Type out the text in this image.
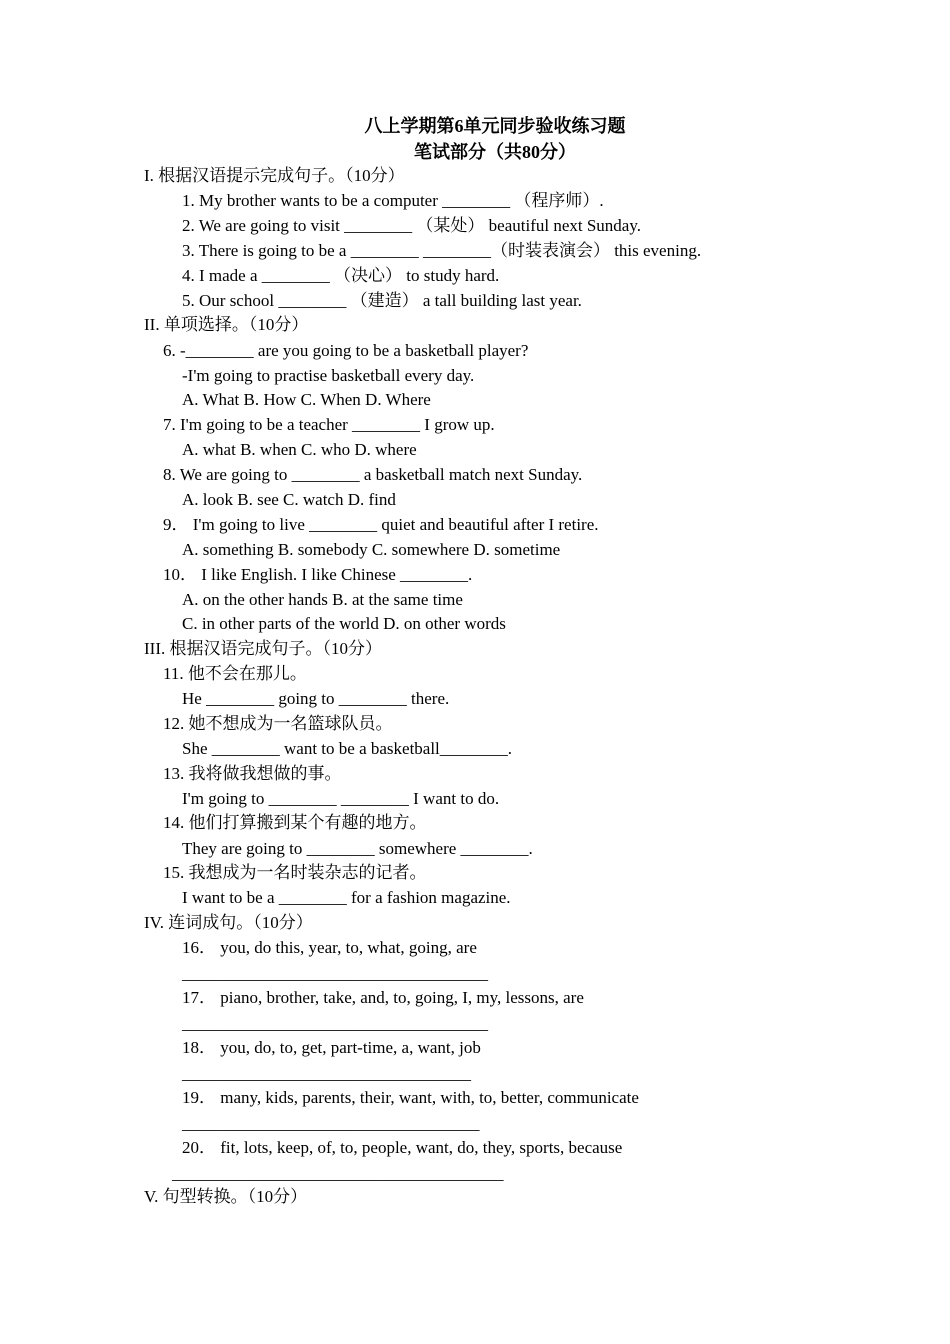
八上学期第6单元同步验收练习题
笔试部分（共80分）
I. 根据汉语提示完成句子。（10分）
1. My brother wants to be a computer ________ （程序师）.
2. We are going to visit ________ （某处） beautiful next Sunday.
3. There is going to be a ________ ________（时装表演会） this evening.
4. I made a ________ （决心） to study hard.
5. Our school ________ （建造） a tall building last year.
II. 单项选择。（10分）
6. -________ are you going to be a basketball player?
-I'm going to practise basketball every day.
A. What B. How C. When D. Where
7. I'm going to be a teacher ________ I grow up.
A. what B. when C. who D. where
8. We are going to ________ a basketball match next Sunday.
A. look B. see C. watch D. find
9． I'm going to live ________ quiet and beautiful after I retire.
A. something B. somebody C. somewhere D. sometime
10． I like English. I like Chinese ________.
A. on the other hands B. at the same time
C. in other parts of the world D. on other words
III. 根据汉语完成句子。（10分）
11. 他不会在那儿。
He ________ going to ________ there.
12. 她不想成为一名篮球队员。
She ________ want to be a basketball________.
13. 我将做我想做的事。
I'm going to ________ ________ I want to do.
14. 他们打算搬到某个有趣的地方。
They are going to ________ somewhere ________.
15. 我想成为一名时装杂志的记者。
I want to be a ________ for a fashion magazine.
IV. 连词成句。（10分）
16． you, do this, year, to, what, going, are
____________________________________
17． piano, brother, take, and, to, going, I, my, lessons, are
____________________________________
18． you, do, to, get, part-time, a, want, job
__________________________________
19． many, kids, parents, their, want, with, to, better, communicate
___________________________________
20． fit, lots, keep, of, to, people, want, do, they, sports, because
_______________________________________
V. 句型转换。（10分）
